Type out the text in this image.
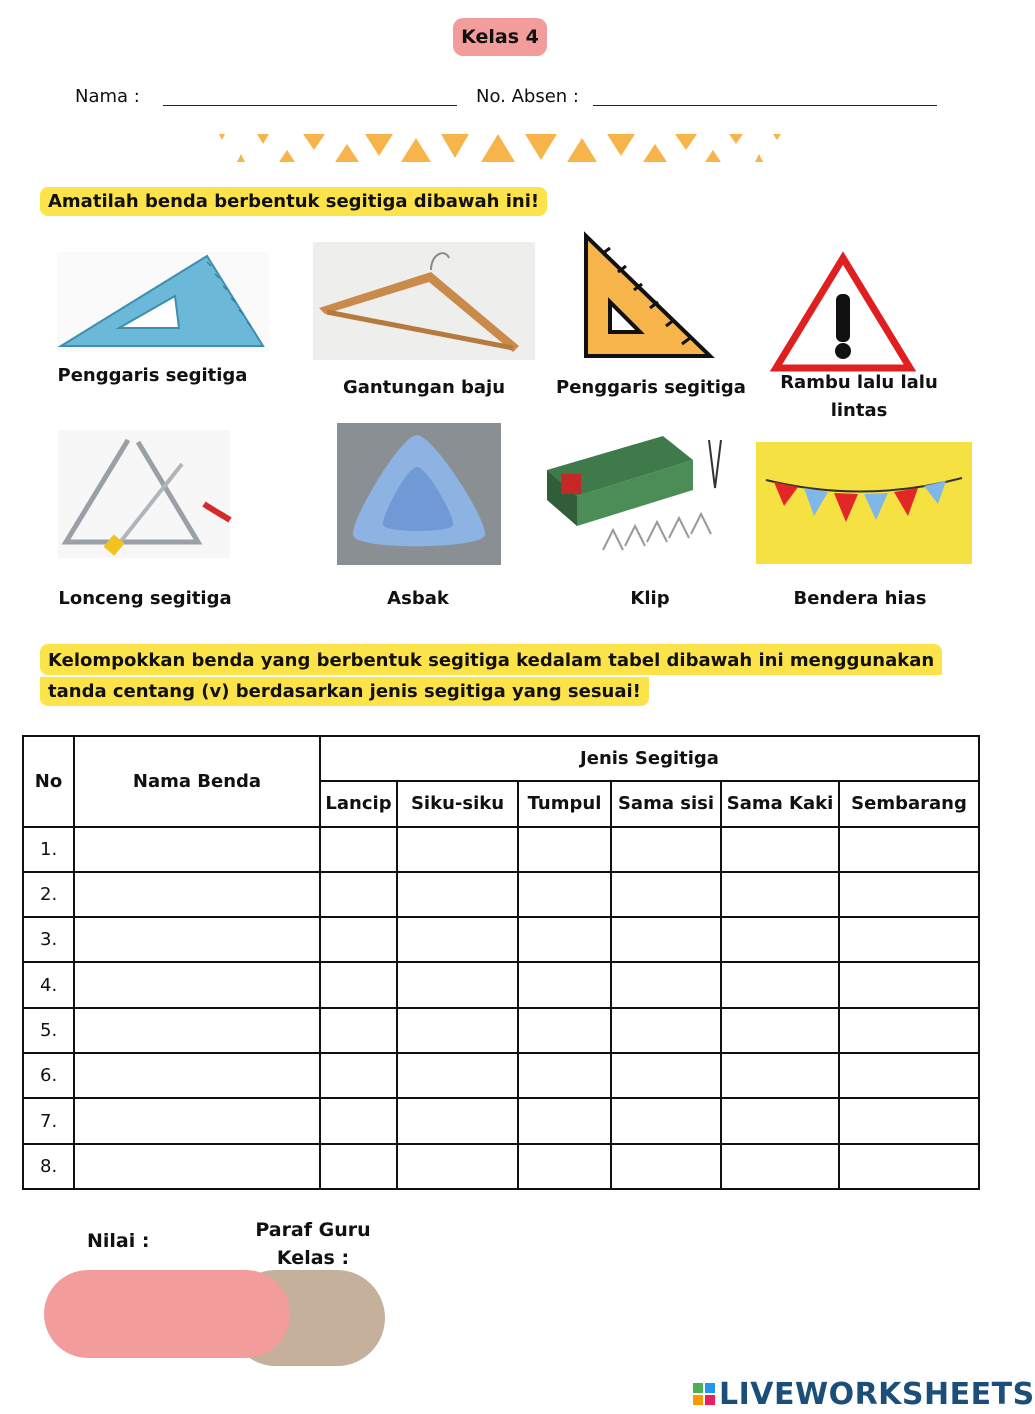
Kelas 4
Nama :	No. Absen :
Amatilah benda berbentuk segitiga dibawah ini!
Penggaris segitiga
Gantungan baju	Penggaris segitiga	Rambu lalu lalu lintas
Lonceng segitiga	Asbak	Klip	Bendera hias
Kelompokkan benda yang berbentuk segitiga kedalam tabel dibawah ini menggunakan
tanda centang (v) berdasarkan jenis segitiga yang sesuai!
No	Nama Benda	Jenis Segitiga					
		Lancip	Siku-siku	Tumpul	Sama sisi	Sama Kaki	Sembarang
1.							
2.							
3.							
4.							
5.							
6.							
7.							
8.							
Nilai :	Paraf Guru Kelas :
LIVEWORKSHEETS
